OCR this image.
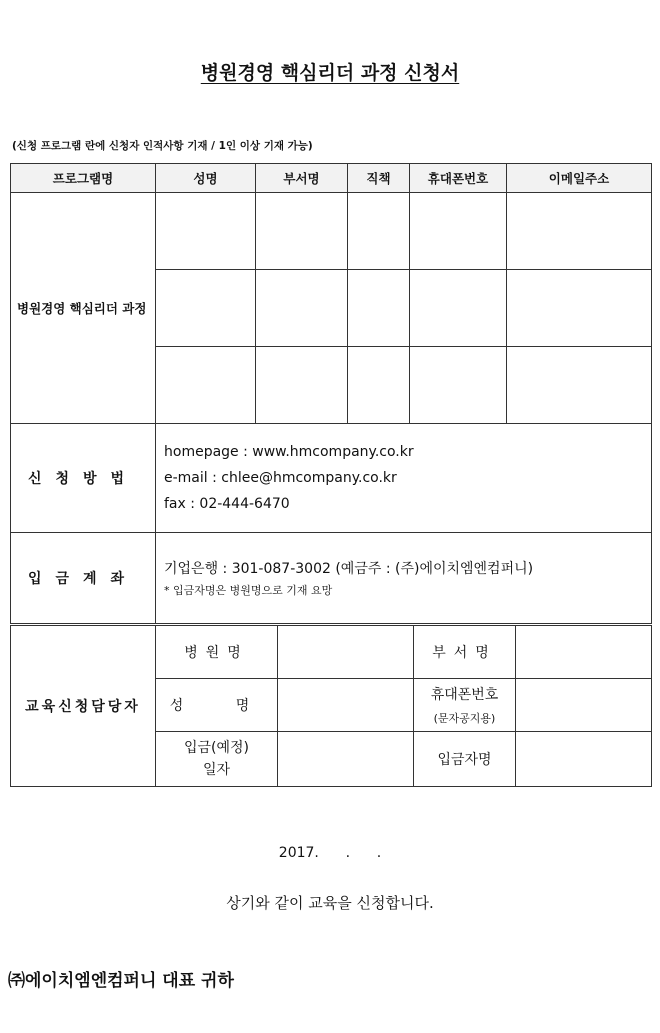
병원경영 핵심리더 과정 신청서
(신청 프로그램 란에 신청자 인적사항 기재 / 1인 이상 기재 가능)
프로그램명	성명	부서명	직책	휴대폰번호	이메일주소
병원경영 핵심리더 과정					

신청방법	homepage : www.hmcompany.co.kr
e-mail : chlee@hmcompany.co.kr
fax : 02-444-6470				

입금계좌	기업은행 : 301-087-3002 (예금주 : (주)에이치엠엔컴퍼니)
* 입금자명은 병원명으로 기재 요망				
교육신청담당자	병원명		부서명	
	성 명		휴대폰번호
(문자공지용)	

	입금(예정)
일자		입금자명	
2017.      .      .
상기와 같이 교육을 신청합니다.
㈜에이치엠엔컴퍼니 대표 귀하
